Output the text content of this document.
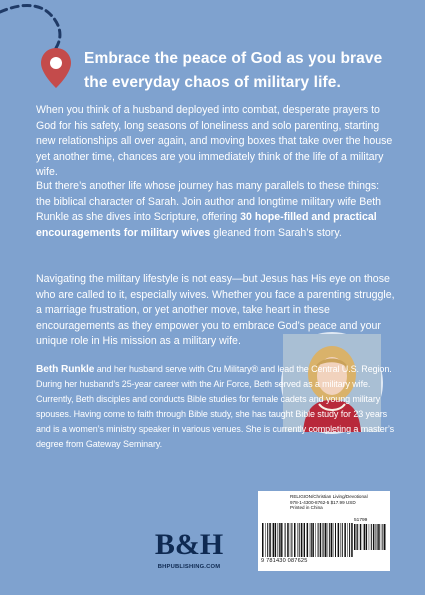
Embrace the peace of God as you brave the everyday chaos of military life.

When you think of a husband deployed into combat, desperate prayers to God for his safety, long seasons of loneliness and solo parenting, starting new relationships all over again, and moving boxes that take over the house yet another time, chances are you immediately think of the life of a military wife.

But there’s another life whose journey has many parallels to these things: the biblical character of Sarah. Join author and longtime military wife Beth Runkle as she dives into Scripture, offering 30 hope-filled and practical encouragements for military wives gleaned from Sarah’s story.

Navigating the military lifestyle is not easy—but Jesus has His eye on those who are called to it, especially wives. Whether you face a parenting struggle, a marriage frustration, or yet another move, take heart in these encouragements as they empower you to embrace God’s peace and your unique role in His mission as a military wife.

Beth Runkle and her husband serve with Cru Military® and lead the Central U.S. Region. During her husband’s 25-year career with the Air Force, Beth served as a military wife. Currently, Beth disciples and conducts Bible studies for female cadets and young military spouses. Having come to faith through Bible study, she has taught Bible study for 23 years and is a women’s ministry speaker in various venues. She is currently completing a master’s degree from Gateway Seminary.

B&H
BHPUBLISHING.COM
RELIGION/Christian Living/Devotional
978-1-4300-8762-5 $17.99 USD
Printed in China
51799
9 781430 087625
